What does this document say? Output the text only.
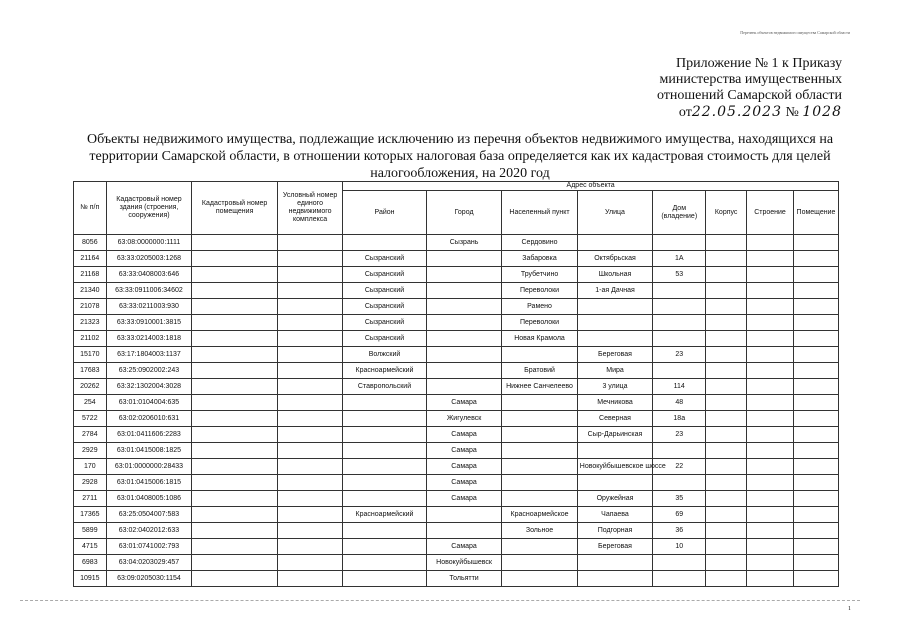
Перечень объектов недвижимого имущества Самарской области
Приложение № 1 к Приказу
министерства имущественных
отношений Самарской области
от22.05.2023 № 1028
Объекты недвижимого имущества, подлежащие исключению из перечня объектов недвижимого имущества, находящихся на территории Самарской области, в отношении которых налоговая база определяется как их кадастровая стоимость для целей налогообложения, на 2020 год
№ п/п	Кадастровый номер здания (строения, сооружения)	Кадастровый номер помещения	Условный номер единого недвижимого комплекса	Адрес объекта							
				Район	Город	Населенный пункт	Улица	Дом (владение)	Корпус	Строение	Помещение
8056	63:08:0000000:1111				Сызрань	Сердовино					
21164	63:33:0205003:1268			Сызранский		Забаровка	Октябрьская	1А			
21168	63:33:0408003:646			Сызранский		Трубетчино	Школьная	53			
21340	63:33:0911006:34602			Сызранский		Переволоки	1-ая Дачная				
21078	63:33:0211003:930			Сызранский		Рамено					
21323	63:33:0910001:3815			Сызранский		Переволоки					
21102	63:33:0214003:1818			Сызранский		Новая Крамола					
15170	63:17:1804003:1137			Волжский			Береговая	23			
17683	63:25:0902002:243			Красноармейский		Братовий	Мира				
20262	63:32:1302004:3028			Ставропольский		Нижнее Санчелеево	3 улица	114			
254	63:01:0104004:635				Самара		Мечникова	48			
5722	63:02:0206010:631				Жигулевск		Северная	18а			
2784	63:01:0411606:2283				Самара		Сыр-Дарьинская	23			
2929	63:01:0415008:1825				Самара						
170	63:01:0000000:28433				Самара		Новокуйбышевское шоссе	22			
2928	63:01:0415006:1815				Самара						
2711	63:01:0408005:1086				Самара		Оружейная	35			
17365	63:25:0504007:583			Красноармейский		Красноармейское	Чапаева	69			
5899	63:02:0402012:633					Зольное	Подгорная	36			
4715	63:01:0741002:793				Самара		Береговая	10			
6983	63:04:0203029:457				Новокуйбышевск						
10915	63:09:0205030:1154				Тольятти						
1
